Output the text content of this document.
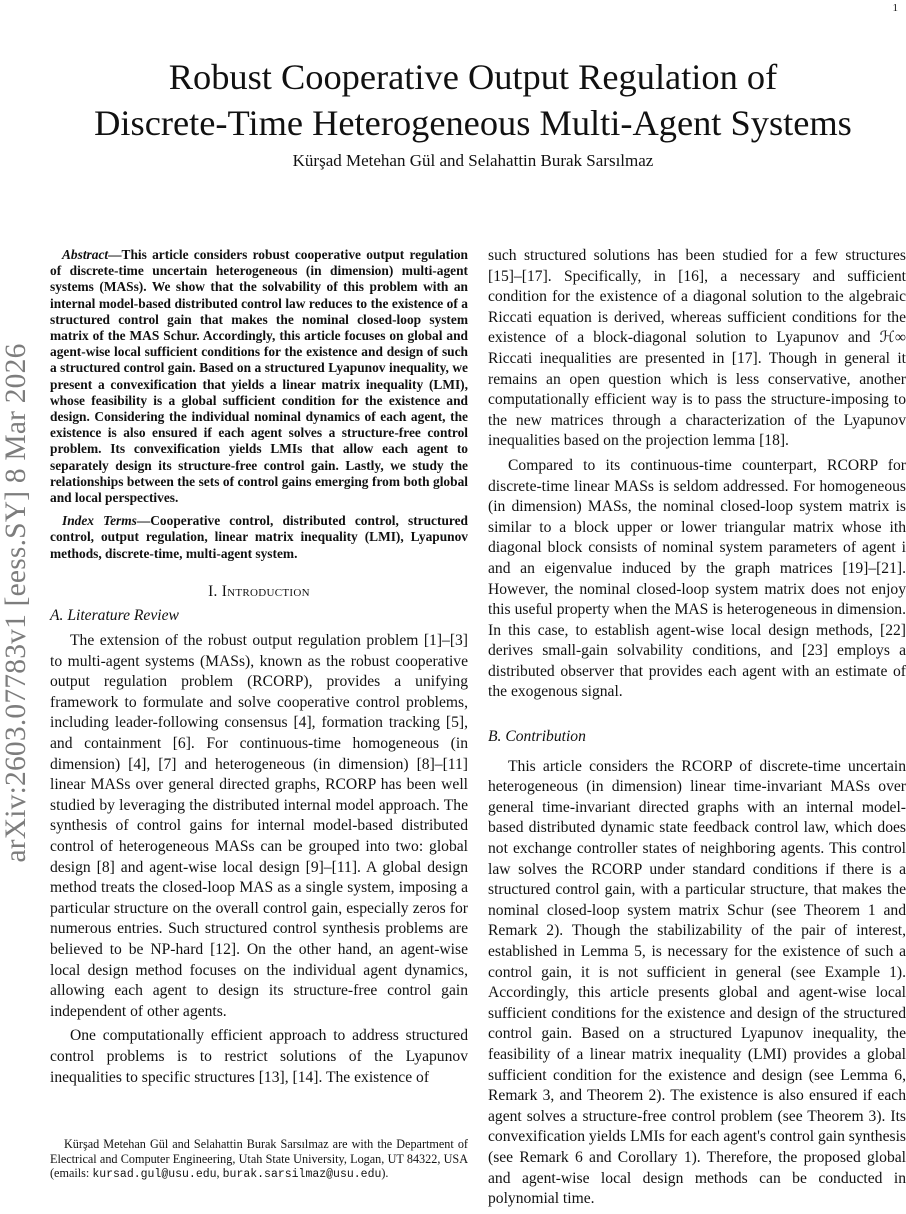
1
arXiv:2603.07783v1 [eess.SY] 8 Mar 2026
Robust Cooperative Output Regulation of
Discrete-Time Heterogeneous Multi-Agent Systems
Kürşad Metehan Gül and Selahattin Burak Sarsılmaz

Abstract—This article considers robust cooperative output regulation of discrete-time uncertain heterogeneous (in dimension) multi-agent systems (MASs). We show that the solvability of this problem with an internal model-based distributed control law reduces to the existence of a structured control gain that makes the nominal closed-loop system matrix of the MAS Schur. Accordingly, this article focuses on global and agent-wise local sufficient conditions for the existence and design of such a structured control gain. Based on a structured Lyapunov inequality, we present a convexification that yields a linear matrix inequality (LMI), whose feasibility is a global sufficient condition for the existence and design. Considering the individual nominal dynamics of each agent, the existence is also ensured if each agent solves a structure-free control problem. Its convexification yields LMIs that allow each agent to separately design its structure-free control gain. Lastly, we study the relationships between the sets of control gains emerging from both global and local perspectives.

Index Terms—Cooperative control, distributed control, structured control, output regulation, linear matrix inequality (LMI), Lyapunov methods, discrete-time, multi-agent system.

I. Introduction
A. Literature Review

The extension of the robust output regulation problem [1]–[3] to multi-agent systems (MASs), known as the robust cooperative output regulation problem (RCORP), provides a unifying framework to formulate and solve cooperative control problems, including leader-following consensus [4], formation tracking [5], and containment [6]. For continuous-time homogeneous (in dimension) [4], [7] and heterogeneous (in dimension) [8]–[11] linear MASs over general directed graphs, RCORP has been well studied by leveraging the distributed internal model approach. The synthesis of control gains for internal model-based distributed control of heterogeneous MASs can be grouped into two: global design [8] and agent-wise local design [9]–[11]. A global design method treats the closed-loop MAS as a single system, imposing a particular structure on the overall control gain, especially zeros for numerous entries. Such structured control synthesis problems are believed to be NP-hard [12]. On the other hand, an agent-wise local design method focuses on the individual agent dynamics, allowing each agent to design its structure-free control gain independent of other agents.

One computationally efficient approach to address structured control problems is to restrict solutions of the Lyapunov inequalities to specific structures [13], [14]. The existence of

such structured solutions has been studied for a few structures [15]–[17]. Specifically, in [16], a necessary and sufficient condition for the existence of a diagonal solution to the algebraic Riccati equation is derived, whereas sufficient conditions for the existence of a block-diagonal solution to Lyapunov and ℋ∞ Riccati inequalities are presented in [17]. Though in general it remains an open question which is less conservative, another computationally efficient way is to pass the structure-imposing to the new matrices through a characterization of the Lyapunov inequalities based on the projection lemma [18].

Compared to its continuous-time counterpart, RCORP for discrete-time linear MASs is seldom addressed. For homogeneous (in dimension) MASs, the nominal closed-loop system matrix is similar to a block upper or lower triangular matrix whose ith diagonal block consists of nominal system parameters of agent i and an eigenvalue induced by the graph matrices [19]–[21]. However, the nominal closed-loop system matrix does not enjoy this useful property when the MAS is heterogeneous in dimension. In this case, to establish agent-wise local design methods, [22] derives small-gain solvability conditions, and [23] employs a distributed observer that provides each agent with an estimate of the exogenous signal.

B. Contribution

This article considers the RCORP of discrete-time uncertain heterogeneous (in dimension) linear time-invariant MASs over general time-invariant directed graphs with an internal model-based distributed dynamic state feedback control law, which does not exchange controller states of neighboring agents. This control law solves the RCORP under standard conditions if there is a structured control gain, with a particular structure, that makes the nominal closed-loop system matrix Schur (see Theorem 1 and Remark 2). Though the stabilizability of the pair of interest, established in Lemma 5, is necessary for the existence of such a control gain, it is not sufficient in general (see Example 1). Accordingly, this article presents global and agent-wise local sufficient conditions for the existence and design of the structured control gain. Based on a structured Lyapunov inequality, the feasibility of a linear matrix inequality (LMI) provides a global sufficient condition for the existence and design (see Lemma 6, Remark 3, and Theorem 2). The existence is also ensured if each agent solves a structure-free control problem (see Theorem 3). Its convexification yields LMIs for each agent's control gain synthesis (see Remark 6 and Corollary 1). Therefore, the proposed global and agent-wise local design methods can be conducted in polynomial time.

Kürşad Metehan Gül and Selahattin Burak Sarsılmaz are with the Department of Electrical and Computer Engineering, Utah State University, Logan, UT 84322, USA (emails: kursad.gul@usu.edu, burak.sarsilmaz@usu.edu).
